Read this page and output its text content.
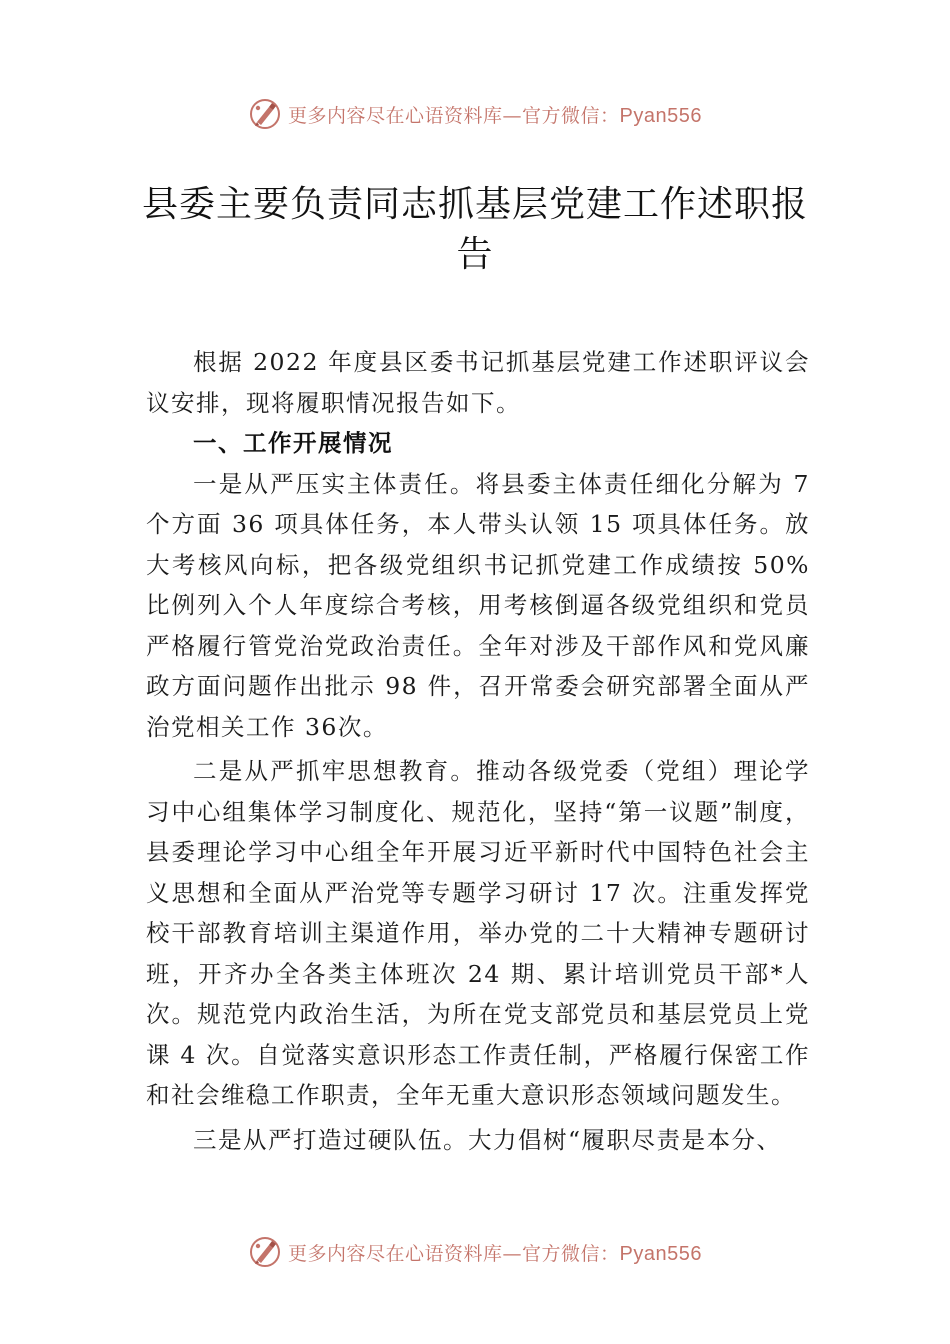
更多内容尽在心语资料库—官方微信：Pyan556
县委主要负责同志抓基层党建工作述职报告

根据 2022 年度县区委书记抓基层党建工作述职评议会议安排，现将履职情况报告如下。

一、工作开展情况

一是从严压实主体责任。将县委主体责任细化分解为 7 个方面 36 项具体任务，本人带头认领 15 项具体任务。放大考核风向标，把各级党组织书记抓党建工作成绩按 50%比例列入个人年度综合考核，用考核倒逼各级党组织和党员严格履行管党治党政治责任。全年对涉及干部作风和党风廉政方面问题作出批示 98 件，召开常委会研究部署全面从严治党相关工作 36次。

二是从严抓牢思想教育。推动各级党委（党组）理论学习中心组集体学习制度化、规范化，坚持“第一议题”制度，县委理论学习中心组全年开展习近平新时代中国特色社会主义思想和全面从严治党等专题学习研讨 17 次。注重发挥党校干部教育培训主渠道作用，举办党的二十大精神专题研讨班，开齐办全各类主体班次 24 期、累计培训党员干部*人次。规范党内政治生活，为所在党支部党员和基层党员上党课 4 次。自觉落实意识形态工作责任制，严格履行保密工作和社会维稳工作职责，全年无重大意识形态领域问题发生。

三是从严打造过硬队伍。大力倡树“履职尽责是本分、

更多内容尽在心语资料库—官方微信：Pyan556
